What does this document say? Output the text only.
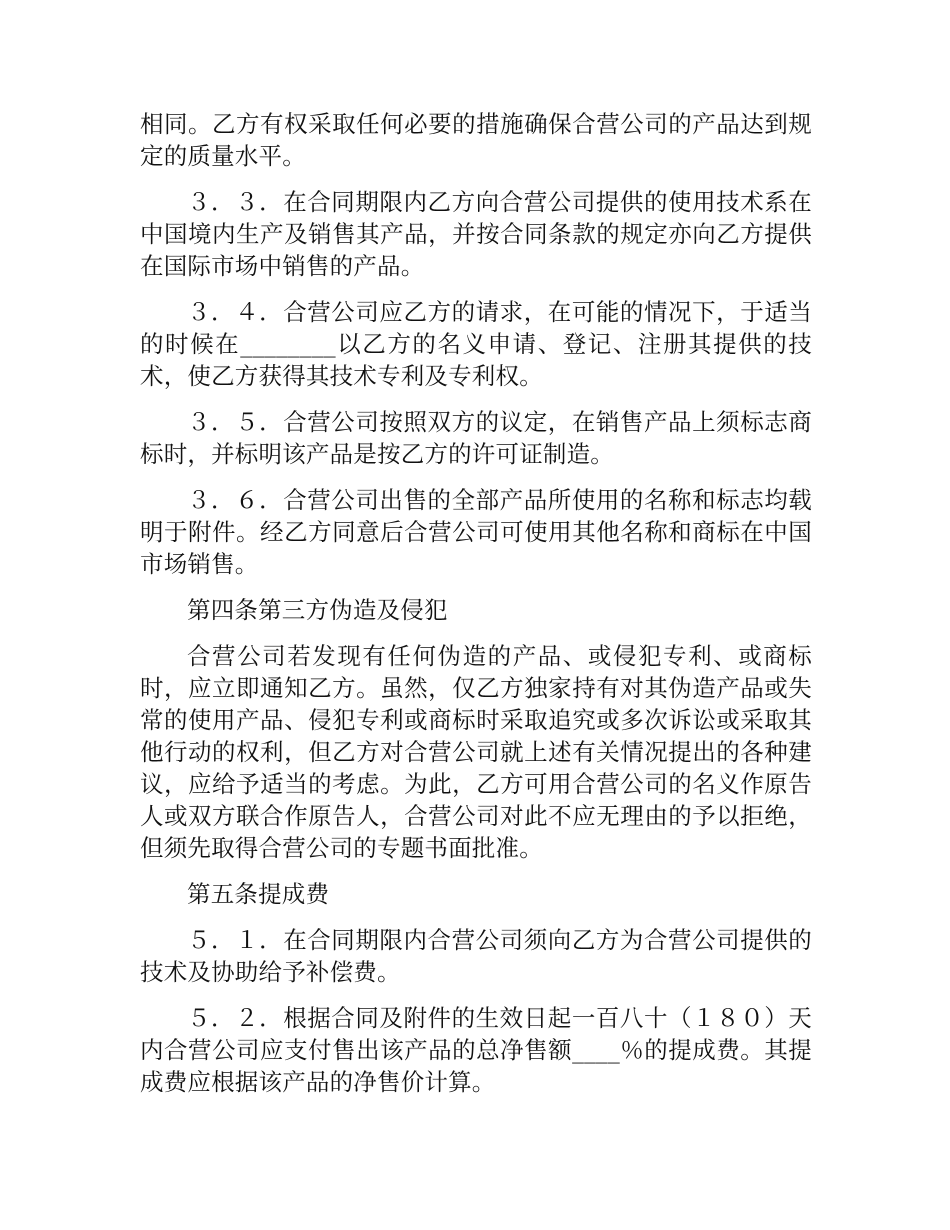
相同。乙方有权采取任何必要的措施确保合营公司的产品达到规定的质量水平。

３．３．在合同期限内乙方向合营公司提供的使用技术系在中国境内生产及销售其产品，并按合同条款的规定亦向乙方提供在国际市场中销售的产品。

３．４．合营公司应乙方的请求，在可能的情况下，于适当的时候在________以乙方的名义申请、登记、注册其提供的技术，使乙方获得其技术专利及专利权。

３．５．合营公司按照双方的议定，在销售产品上须标志商标时，并标明该产品是按乙方的许可证制造。

３．６．合营公司出售的全部产品所使用的名称和标志均载明于附件。经乙方同意后合营公司可使用其他名称和商标在中国市场销售。

第四条第三方伪造及侵犯

合营公司若发现有任何伪造的产品、或侵犯专利、或商标时，应立即通知乙方。虽然，仅乙方独家持有对其伪造产品或失常的使用产品、侵犯专利或商标时采取追究或多次诉讼或采取其他行动的权利，但乙方对合营公司就上述有关情况提出的各种建议，应给予适当的考虑。为此，乙方可用合营公司的名义作原告人或双方联合作原告人，合营公司对此不应无理由的予以拒绝，但须先取得合营公司的专题书面批准。

第五条提成费

５．１．在合同期限内合营公司须向乙方为合营公司提供的技术及协助给予补偿费。

５．２．根据合同及附件的生效日起一百八十（１８０）天内合营公司应支付售出该产品的总净售额____％的提成费。其提成费应根据该产品的净售价计算。
